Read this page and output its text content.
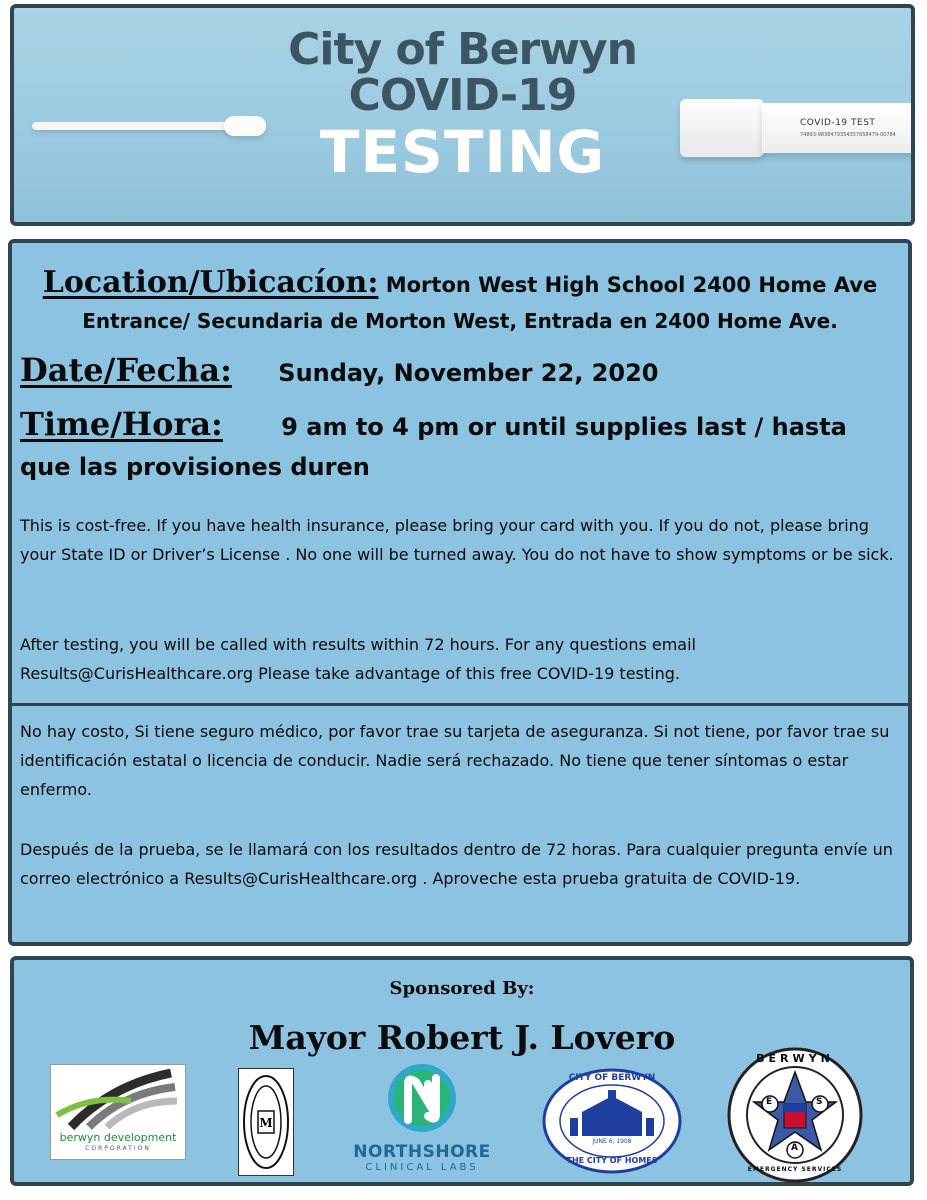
COVID-19 TEST
74893-9838479354357658479-00784
City of Berwyn
COVID-19
TESTING
Location/Ubicacíon: Morton West High School 2400 Home Ave
Entrance/ Secundaria de Morton West, Entrada en 2400 Home Ave.
Date/Fecha: Sunday, November 22, 2020
Time/Hora: 9 am to 4 pm or until supplies last / hasta
que las provisiones duren
This is cost-free. If you have health insurance, please bring your card with you. If you do not, please bring your State ID or Driver’s License . No one will be turned away. You do not have to show symptoms or be sick.
After testing, you will be called with results within 72 hours. For any questions email Results@CurisHealthcare.org Please take advantage of this free COVID-19 testing.
No hay costo, Si tiene seguro médico, por favor trae su tarjeta de aseguranza. Si not tiene, por favor trae su identificación estatal o licencia de conducir. Nadie será rechazado. No tiene que tener síntomas o estar enfermo.
Después de la prueba, se le llamará con los resultados dentro de 72 horas. Para cualquier pregunta envíe un correo electrónico a Results@CurisHealthcare.org . Aproveche esta prueba gratuita de COVID-19.
Sponsored By:
Mayor Robert J. Lovero
berwyn development
CORPORATION
M
NORTHSHORE
CLINICAL LABS
CITY OF BERWYN
JUNE 6, 1908
THE CITY OF HOMES
E	S
A
BERWYN
EMERGENCY SERVICES
